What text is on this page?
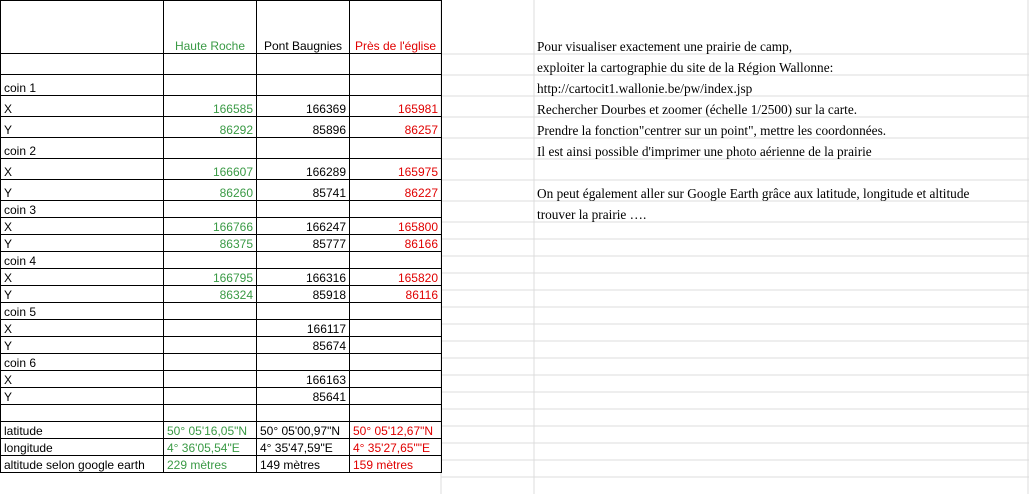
	Haute Roche	Pont Baugnies	Près de l'église

coin 1			
X	166585	166369	165981
Y	86292	85896	86257
coin 2			
X	166607	166289	165975
Y	86260	85741	86227
coin 3			
X	166766	166247	165800
Y	86375	85777	86166
coin 4			
X	166795	166316	165820
Y	86324	85918	86116
coin 5			
X		166117	
Y		85674	
coin 6			
X		166163	
Y		85641	

latitude	50° 05'16,05"N	50° 05'00,97"N	50° 05'12,67"N
longitude	4° 36'05,54"E	4° 35'47,59"E	4° 35'27,65""E
altitude selon google earth	229 mètres	149 mètres	159 mètres
Pour visualiser exactement une prairie de camp,
exploiter la cartographie du site de la Région Wallonne:
http://cartocit1.wallonie.be/pw/index.jsp
Rechercher Dourbes et zoomer (échelle 1/2500) sur la carte.
Prendre la fonction"centrer sur un point", mettre les coordonnées.
Il est ainsi possible d'imprimer une photo aérienne de la prairie
On peut également aller sur Google Earth grâce aux latitude, longitude et altitude
trouver la prairie ….
